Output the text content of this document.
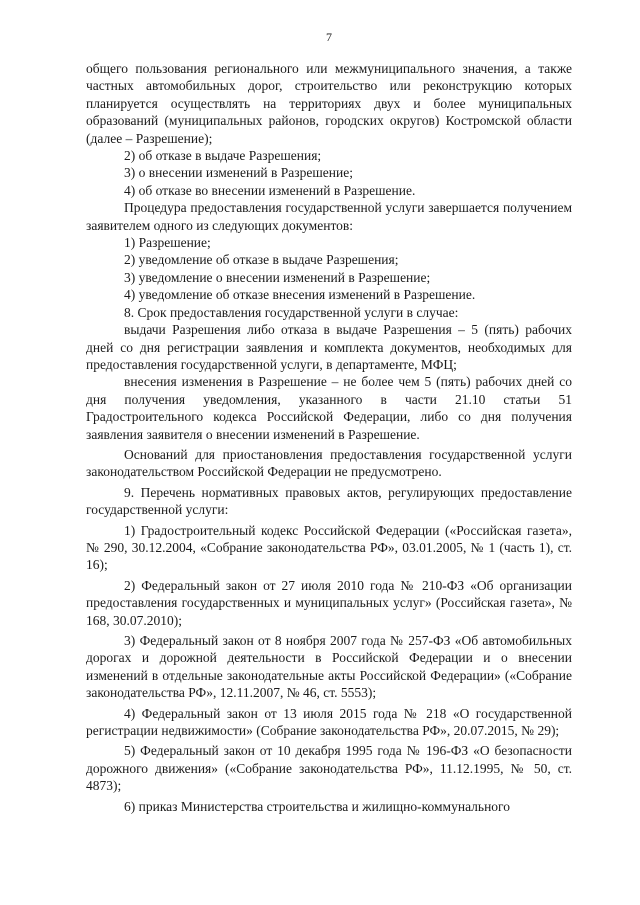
7

общего пользования регионального или межмуниципального значения, а также частных автомобильных дорог, строительство или реконструкцию которых планируется осуществлять на территориях двух и более муниципальных образований (муниципальных районов, городских округов) Костромской области (далее – Разрешение);

2) об отказе в выдаче Разрешения;

3) о внесении изменений в Разрешение;

4) об отказе во внесении изменений в Разрешение.

Процедура предоставления государственной услуги завершается получением заявителем одного из следующих документов:

1) Разрешение;

2) уведомление об отказе в выдаче Разрешения;

3) уведомление о внесении изменений в Разрешение;

4) уведомление об отказе внесения изменений в Разрешение.

8. Срок предоставления государственной услуги в случае:

выдачи Разрешения либо отказа в выдаче Разрешения – 5 (пять) рабочих дней со дня регистрации заявления и комплекта документов, необходимых для предоставления государственной услуги, в департаменте, МФЦ;

внесения изменения в Разрешение – не более чем 5 (пять) рабочих дней со дня получения уведомления, указанного в части 21.10 статьи 51 Градостроительного кодекса Российской Федерации, либо со дня получения заявления заявителя о внесении изменений в Разрешение.

Оснований для приостановления предоставления государственной услуги законодательством Российской Федерации не предусмотрено.

9. Перечень нормативных правовых актов, регулирующих предоставление государственной услуги:

1) Градостроительный кодекс Российской Федерации («Российская газета», № 290, 30.12.2004, «Собрание законодательства РФ», 03.01.2005, № 1 (часть 1), ст. 16);

2) Федеральный закон от 27 июля 2010 года № 210-ФЗ «Об организации предоставления государственных и муниципальных услуг» (Российская газета», № 168, 30.07.2010);

3) Федеральный закон от 8 ноября 2007 года № 257-ФЗ «Об автомобильных дорогах и дорожной деятельности в Российской Федерации и о внесении изменений в отдельные законодательные акты Российской Федерации» («Собрание законодательства РФ», 12.11.2007, № 46, ст. 5553);

4) Федеральный закон от 13 июля 2015 года № 218 «О государственной регистрации недвижимости» (Собрание законодательства РФ», 20.07.2015, № 29);

5) Федеральный закон от 10 декабря 1995 года № 196-ФЗ «О безопасности дорожного движения» («Собрание законодательства РФ», 11.12.1995, № 50, ст. 4873);

6) приказ Министерства строительства и жилищно-коммунального
